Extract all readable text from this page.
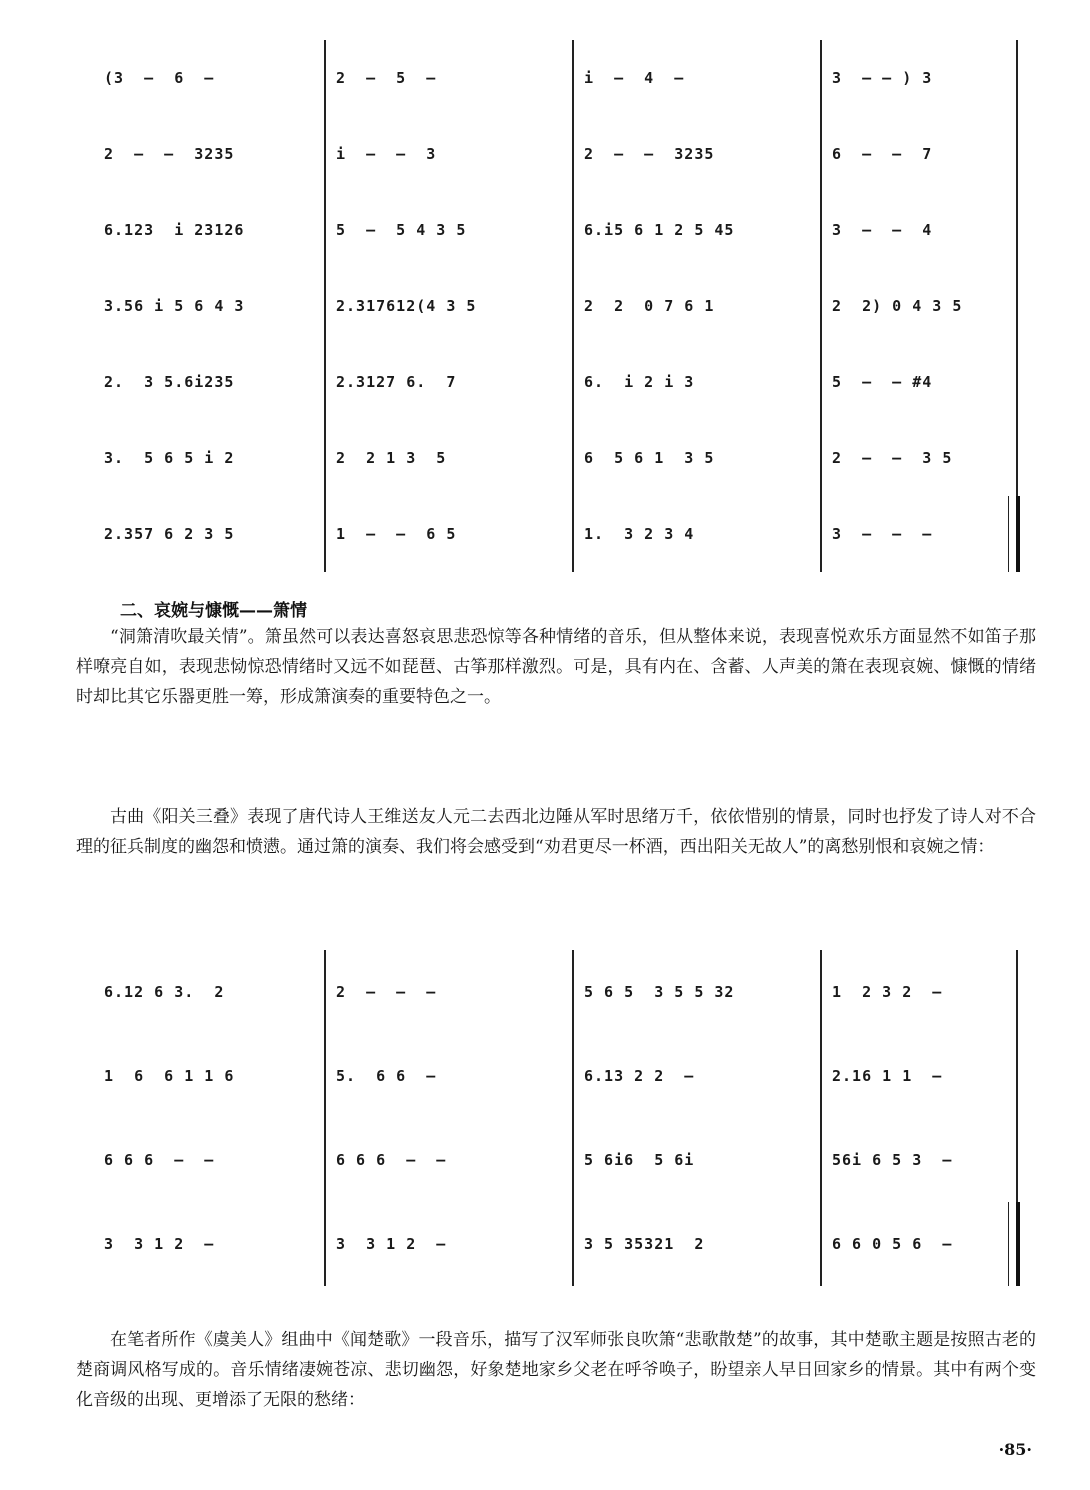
(3  —  6  —	2  —  5  —	i  —  4  —	3  — — ) 3
2  —  —  3235	i  —  —  3	2  —  —  3235	6  —  —  7
6.123  i 23126	5  —  5 4 3 5	6.i5 6 1 2 5 45	3  —  —  4
3.56 i 5 6 4 3	2.317612(4 3 5	2  2  0 7 6 1	2  2) 0 4 3 5
2.  3 5.6i235	2.3127 6.  7	6.  i 2 i 3	5  —  — #4
3.  5 6 5 i 2	2  2 1 3  5	6  5 6 1  3 5	2  —  —  3 5
2.357 6 2 3 5	1  —  —  6 5	1.  3 2 3 4	3  —  —  —
二、哀婉与慷慨——箫情
“洞箫清吹最关情”。箫虽然可以表达喜怒哀思悲恐惊等各种情绪的音乐，但从整体来说，表现喜悦欢乐方面显然不如笛子那样嘹亮自如，表现悲恸惊恐情绪时又远不如琵琶、古筝那样激烈。可是，具有内在、含蓄、人声美的箫在表现哀婉、慷慨的情绪时却比其它乐器更胜一筹，形成箫演奏的重要特色之一。
古曲《阳关三叠》表现了唐代诗人王维送友人元二去西北边陲从军时思绪万千，依依惜别的情景，同时也抒发了诗人对不合理的征兵制度的幽怨和愤懑。通过箫的演奏、我们将会感受到“劝君更尽一杯酒，西出阳关无故人”的离愁别恨和哀婉之情：
6.12 6 3.  2	2  —  —  —	5 6 5  3 5 5 32	1  2 3 2  —
1  6  6 1 1 6	5.  6 6  —	6.13 2 2  —	2.16 1 1  —
6 6 6  —  —	6 6 6  —  —	5 6i6  5 6i	56i 6 5 3  —
3  3 1 2  —	3  3 1 2  —	3 5 35321  2	6 6 0 5 6  —
在笔者所作《虞美人》组曲中《闻楚歌》一段音乐，描写了汉军师张良吹箫“悲歌散楚”的故事，其中楚歌主题是按照古老的楚商调风格写成的。音乐情绪凄婉苍凉、悲切幽怨，好象楚地家乡父老在呼爷唤子，盼望亲人早日回家乡的情景。其中有两个变化音级的出现、更增添了无限的愁绪：
·85·
